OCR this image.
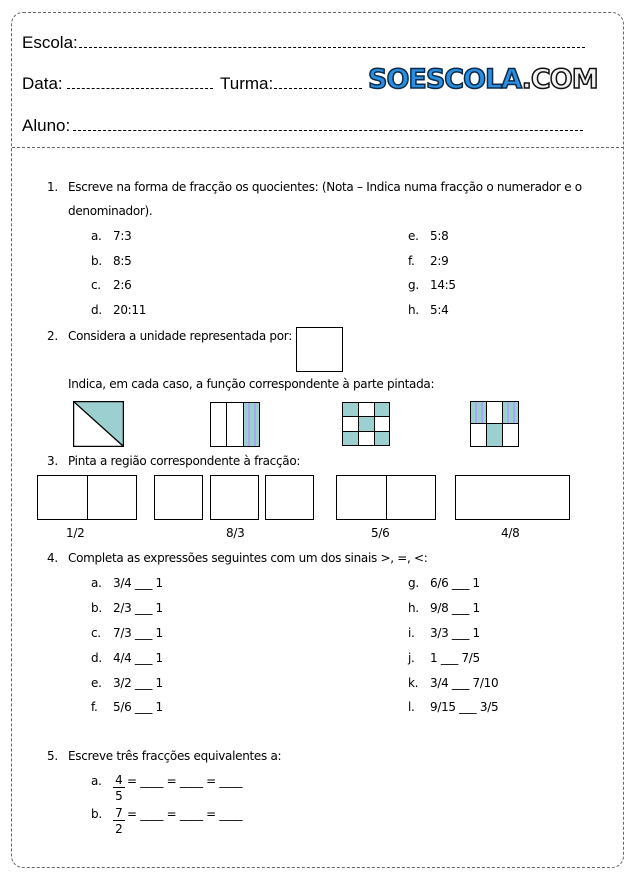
Escola:
Data:	Turma:	SOESCOLA.COM
Aluno:
1. Escreve na forma de fracção os quocientes: (Nota – Indica numa fracção o numerador e o
denominador).
a. 7:3
b. 8:5
c. 2:6
d. 20:11
e. 5:8
f. 2:9
g. 14:5
h. 5:4
2. Considera a unidade representada por:
Indica, em cada caso, a função correspondente à parte pintada:
3. Pinta a região correspondente à fracção:
1/2	8/3	5/6	4/8
4. Completa as expressões seguintes com um dos sinais >, =, <:
a. 3/4 ___ 1
b. 2/3 ___ 1
c. 7/3 ___ 1
d. 4/4 ___ 1
e. 3/2 ___ 1
f. 5/6 ___ 1
g. 6/6 ___ 1
h. 9/8 ___ 1
i. 3/3 ___ 1
j. 1 ___ 7/5
k. 3/4 ___ 7/10
l. 9/15 ___ 3/5
5. Escreve três fracções equivalentes a:
a. $\frac{4}{5}$ = ____ = ____ = ____
b. $\frac{7}{2}$ = ____ = ____ = ____
